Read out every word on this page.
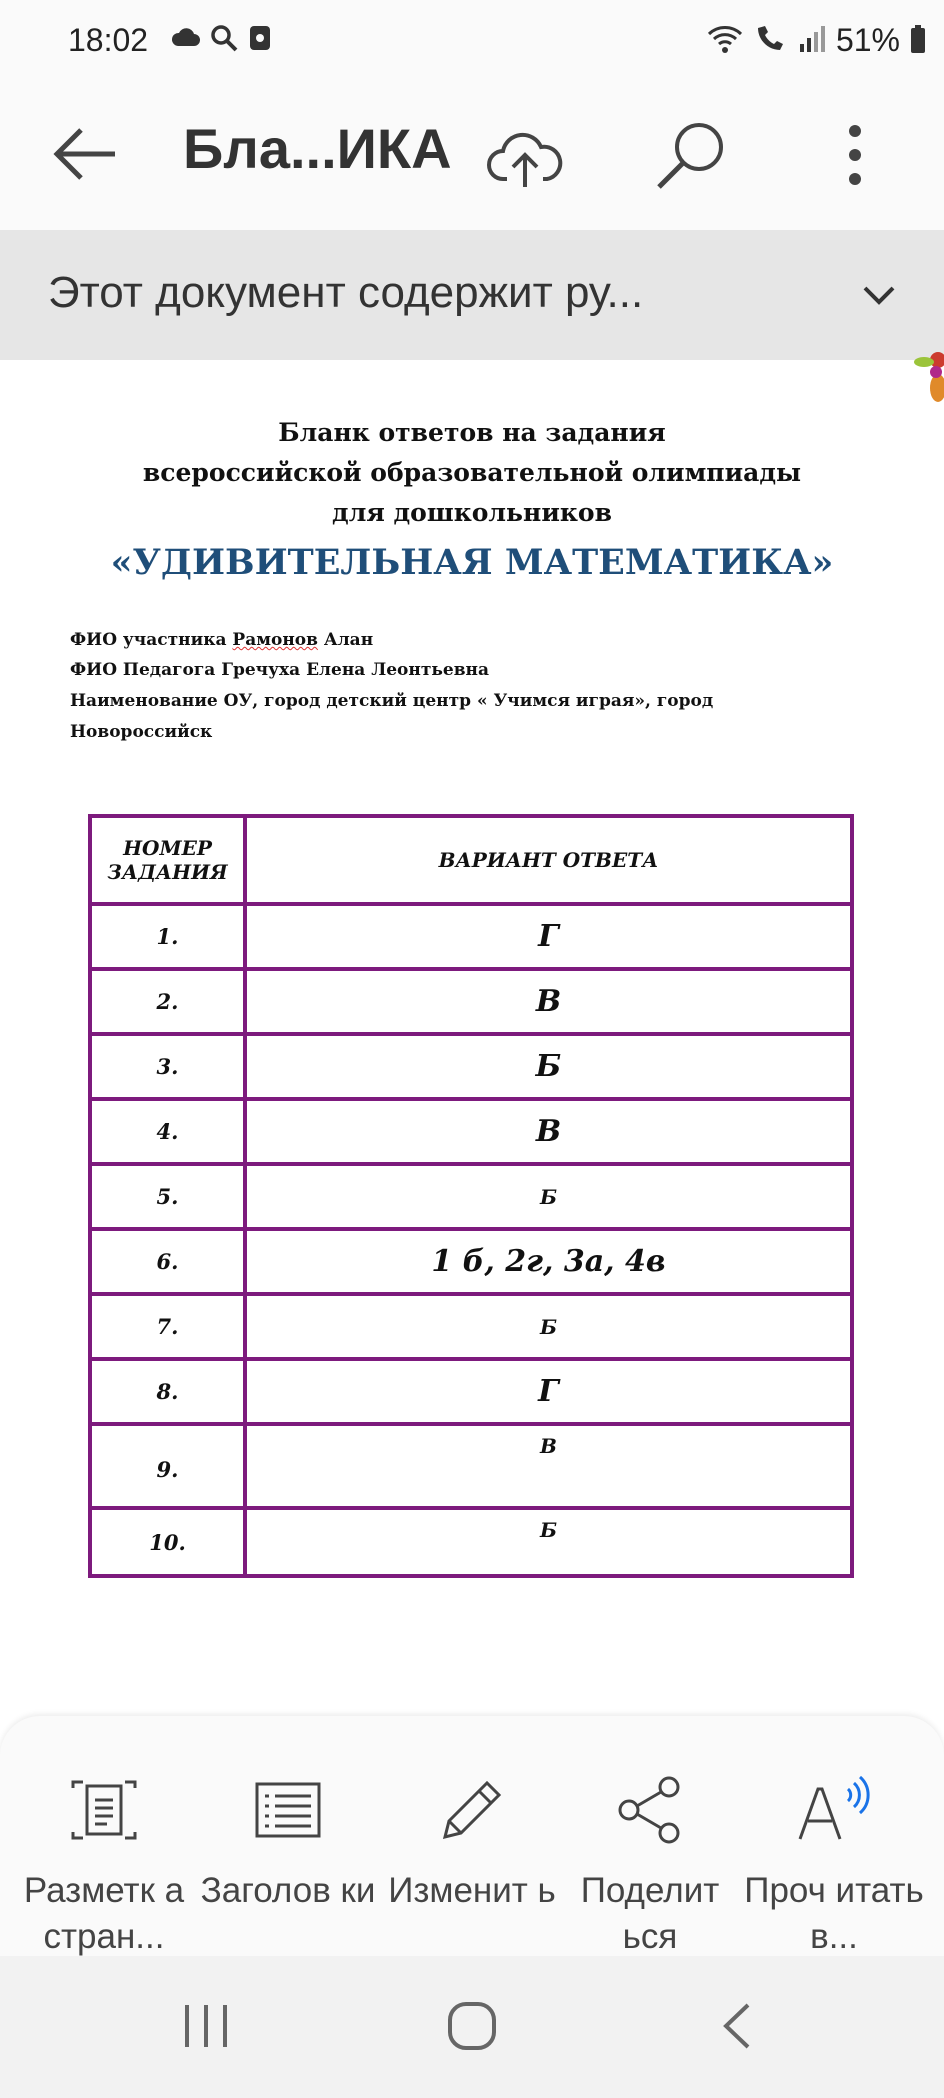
18:02	51%
Бла...ИКА
Этот документ содержит ру...
Бланк ответов на задания
всероссийской образовательной олимпиады
для дошкольников
«УДИВИТЕЛЬНАЯ МАТЕМАТИКА»
ФИО участника Рамонов Алан
ФИО Педагога Гречуха Елена Леонтьевна
Наименование ОУ, город детский центр « Учимся играя», город
Новороссийск
НОМЕР ЗАДАНИЯ	ВАРИАНТ ОТВЕТА
1.	Г
2.	В
3.	Б
4.	В
5.	Б
6.	1 б, 2г, 3а, 4в
7.	Б
8.	Г
9.	В
10.	Б
Разметк а стран...
Заголов ки Изменит ь Поделит ься
Проч итать в...
